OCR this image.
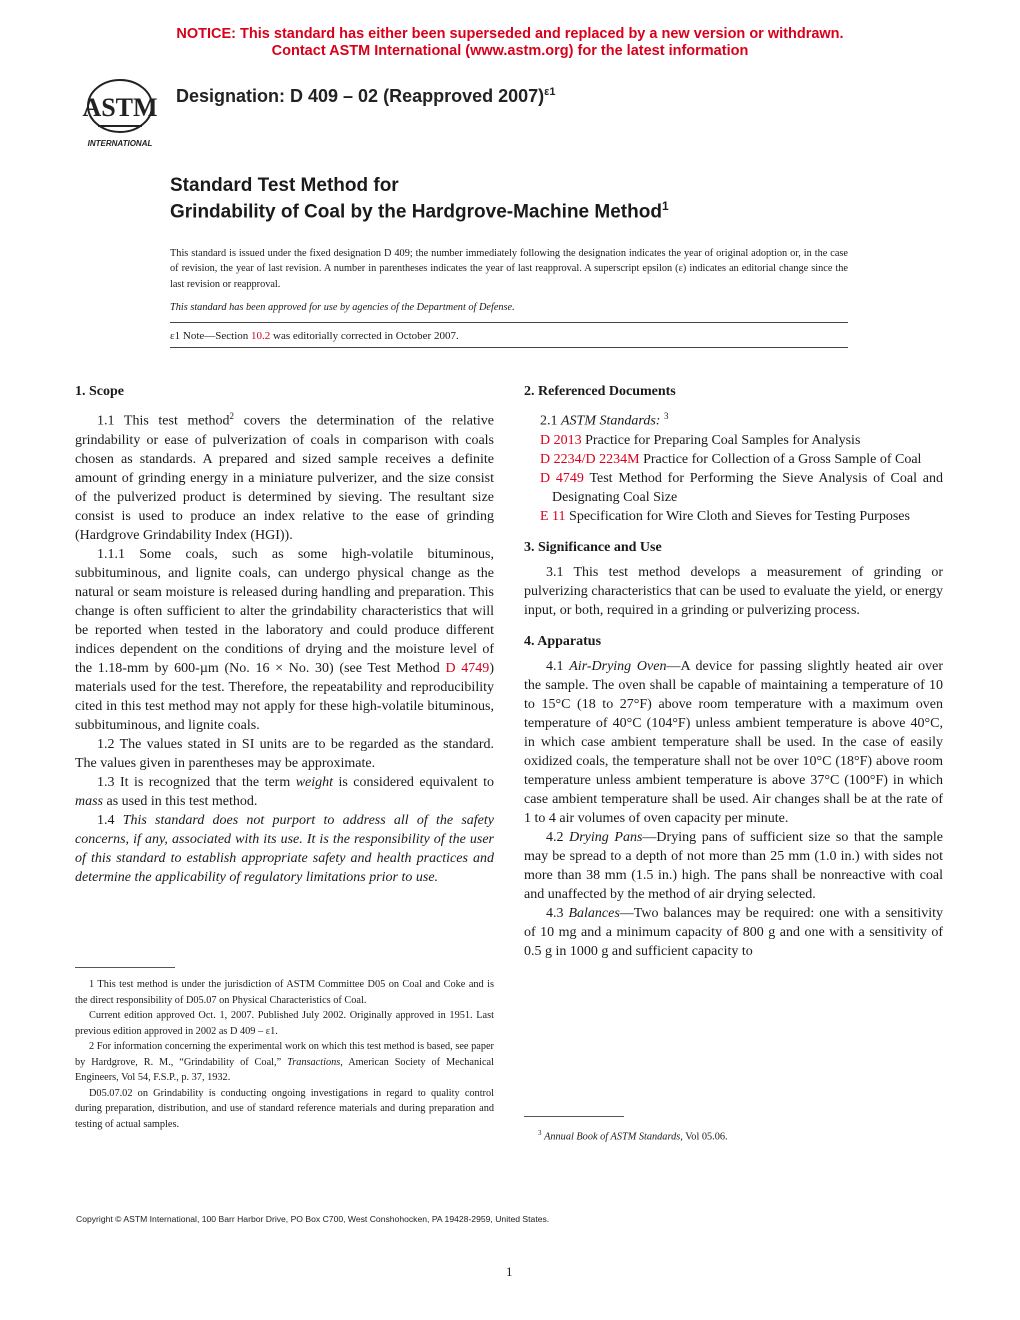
NOTICE: This standard has either been superseded and replaced by a new version or withdrawn.
Contact ASTM International (www.astm.org) for the latest information
ASTM
INTERNATIONAL
Designation: D 409 – 02 (Reapproved 2007)$^{\varepsilon 1}$
Standard Test Method for
Grindability of Coal by the Hardgrove-Machine Method$^1$
This standard is issued under the fixed designation D 409; the number immediately following the designation indicates the year of original adoption or, in the case of revision, the year of last revision. A number in parentheses indicates the year of last reapproval. A superscript epsilon (ε) indicates an editorial change since the last revision or reapproval.
This standard has been approved for use by agencies of the Department of Defense.
ε1 Note—Section 10.2 was editorially corrected in October 2007.

1. Scope

1.1 This test method$^2$ covers the determination of the relative grindability or ease of pulverization of coals in comparison with coals chosen as standards. A prepared and sized sample receives a definite amount of grinding energy in a miniature pulverizer, and the size consist of the pulverized product is determined by sieving. The resultant size consist is used to produce an index relative to the ease of grinding (Hardgrove Grindability Index (HGI)).

1.1.1 Some coals, such as some high-volatile bituminous, subbituminous, and lignite coals, can undergo physical change as the natural or seam moisture is released during handling and preparation. This change is often sufficient to alter the grindability characteristics that will be reported when tested in the laboratory and could produce different indices dependent on the conditions of drying and the moisture level of the 1.18-mm by 600-µm (No. 16 × No. 30) (see Test Method D 4749) materials used for the test. Therefore, the repeatability and reproducibility cited in this test method may not apply for these high-volatile bituminous, subbituminous, and lignite coals.

1.2 The values stated in SI units are to be regarded as the standard. The values given in parentheses may be approximate.

1.3 It is recognized that the term weight is considered equivalent to mass as used in this test method.

1.4 This standard does not purport to address all of the safety concerns, if any, associated with its use. It is the responsibility of the user of this standard to establish appropriate safety and health practices and determine the applicability of regulatory limitations prior to use.

1 This test method is under the jurisdiction of ASTM Committee D05 on Coal and Coke and is the direct responsibility of D05.07 on Physical Characteristics of Coal.

Current edition approved Oct. 1, 2007. Published July 2002. Originally approved in 1951. Last previous edition approved in 2002 as D 409 – ε1.

2 For information concerning the experimental work on which this test method is based, see paper by Hardgrove, R. M., “Grindability of Coal,” Transactions, American Society of Mechanical Engineers, Vol 54, F.S.P., p. 37, 1932.

D05.07.02 on Grindability is conducting ongoing investigations in regard to quality control during preparation, distribution, and use of standard reference materials and during preparation and testing of actual samples.

2. Referenced Documents

2.1 ASTM Standards: $^3$

D 2013 Practice for Preparing Coal Samples for Analysis

D 2234/D 2234M Practice for Collection of a Gross Sample of Coal

D 4749 Test Method for Performing the Sieve Analysis of Coal and Designating Coal Size

E 11 Specification for Wire Cloth and Sieves for Testing Purposes

3. Significance and Use

3.1 This test method develops a measurement of grinding or pulverizing characteristics that can be used to evaluate the yield, or energy input, or both, required in a grinding or pulverizing process.

4. Apparatus

4.1 Air-Drying Oven—A device for passing slightly heated air over the sample. The oven shall be capable of maintaining a temperature of 10 to 15°C (18 to 27°F) above room temperature with a maximum oven temperature of 40°C (104°F) unless ambient temperature is above 40°C, in which case ambient temperature shall be used. In the case of easily oxidized coals, the temperature shall not be over 10°C (18°F) above room temperature unless ambient temperature is above 37°C (100°F) in which case ambient temperature shall be used. Air changes shall be at the rate of 1 to 4 air volumes of oven capacity per minute.

4.2 Drying Pans—Drying pans of sufficient size so that the sample may be spread to a depth of not more than 25 mm (1.0 in.) with sides not more than 38 mm (1.5 in.) high. The pans shall be nonreactive with coal and unaffected by the method of air drying selected.

4.3 Balances—Two balances may be required: one with a sensitivity of 10 mg and a minimum capacity of 800 g and one with a sensitivity of 0.5 g in 1000 g and sufficient capacity to

$^3$ Annual Book of ASTM Standards, Vol 05.06.
Copyright © ASTM International, 100 Barr Harbor Drive, PO Box C700, West Conshohocken, PA 19428-2959, United States.
1
